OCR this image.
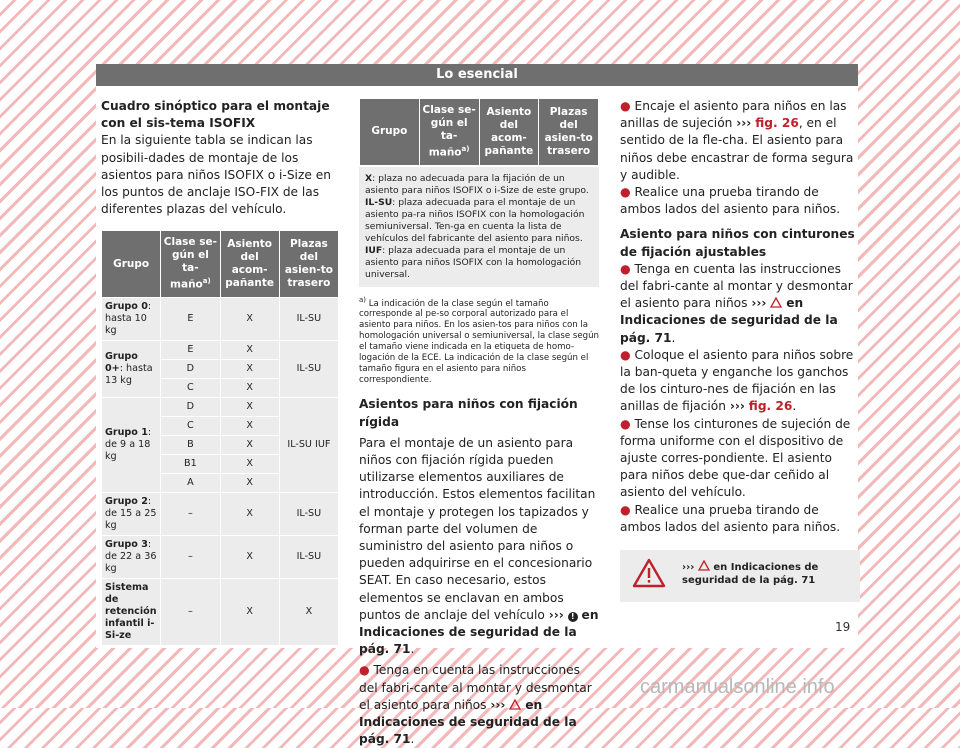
Lo esencial

Cuadro sinóptico para el montaje con el sis-tema ISOFIX

En la siguiente tabla se indican las posibili-dades de montaje de los asientos para niños ISOFIX o i-Size en los puntos de anclaje ISO-FIX de las diferentes plazas del vehículo.

Grupo	Clase se-gún el ta-maño$^{a)}$	Asiento del acom-pañante	Plazas del asien-to trasero
Grupo 0: hasta 10 kg	E	X	IL-SU
Grupo 0+: hasta 13 kg	E	X	IL-SU
	D	X	
	C	X	
Grupo 1: de 9 a 18 kg	D	X	IL-SU IUF
	C	X	
	B	X	
	B1	X	
	A	X	
Grupo 2: de 15 a 25 kg	–	X	IL-SU
Grupo 3: de 22 a 36 kg	–	X	IL-SU
Sistema de retención infantil i-Si-ze	–	X	X
Grupo	Clase se-gún el ta-maño$^{a)}$	Asiento del acom-pañante	Plazas del asien-to trasero
X: plaza no adecuada para la fijación de un asiento para niños ISOFIX o i-Size de este grupo.
IL-SU: plaza adecuada para el montaje de un asiento pa-ra niños ISOFIX con la homologación semiuniversal. Ten-ga en cuenta la lista de vehículos del fabricante del asiento para niños.
IUF: plaza adecuada para el montaje de un asiento para niños ISOFIX con la homologación universal.

$^{a)}$ La indicación de la clase según el tamaño corresponde al pe-so corporal autorizado para el asiento para niños. En los asien-tos para niños con la homologación universal o semiuniversal, la clase según el tamaño viene indicada en la etiqueta de homo-logación de la ECE. La indicación de la clase según el tamaño figura en el asiento para niños correspondiente.

Asientos para niños con fijación rígida

Para el montaje de un asiento para niños con fijación rígida pueden utilizarse elementos auxiliares de introducción. Estos elementos facilitan el montaje y protegen los tapizados y forman parte del volumen de suministro del asiento para niños o pueden adquirirse en el concesionario SEAT. En caso necesario, estos elementos se enclavan en ambos puntos de anclaje del vehículo ››› ! en Indicaciones de seguridad de la pág. 71.

● Tenga en cuenta las instrucciones del fabri-cante al montar y desmontar el asiento para niños ››› en Indicaciones de seguridad de la pág. 71.

● Encaje el asiento para niños en las anillas de sujeción ››› fig. 26, en el sentido de la fle-cha. El asiento para niños debe encastrar de forma segura y audible.

● Realice una prueba tirando de ambos lados del asiento para niños.

Asiento para niños con cinturones de fijación ajustables

● Tenga en cuenta las instrucciones del fabri-cante al montar y desmontar el asiento para niños ››› en Indicaciones de seguridad de la pág. 71.

● Coloque el asiento para niños sobre la ban-queta y enganche los ganchos de los cinturo-nes de fijación en las anillas de fijación ››› fig. 26.

● Tense los cinturones de sujeción de forma uniforme con el dispositivo de ajuste corres-pondiente. El asiento para niños debe que-dar ceñido al asiento del vehículo.

● Realice una prueba tirando de ambos lados del asiento para niños.

››› en Indicaciones de seguridad de la pág. 71
19
carmanualsonline.info
